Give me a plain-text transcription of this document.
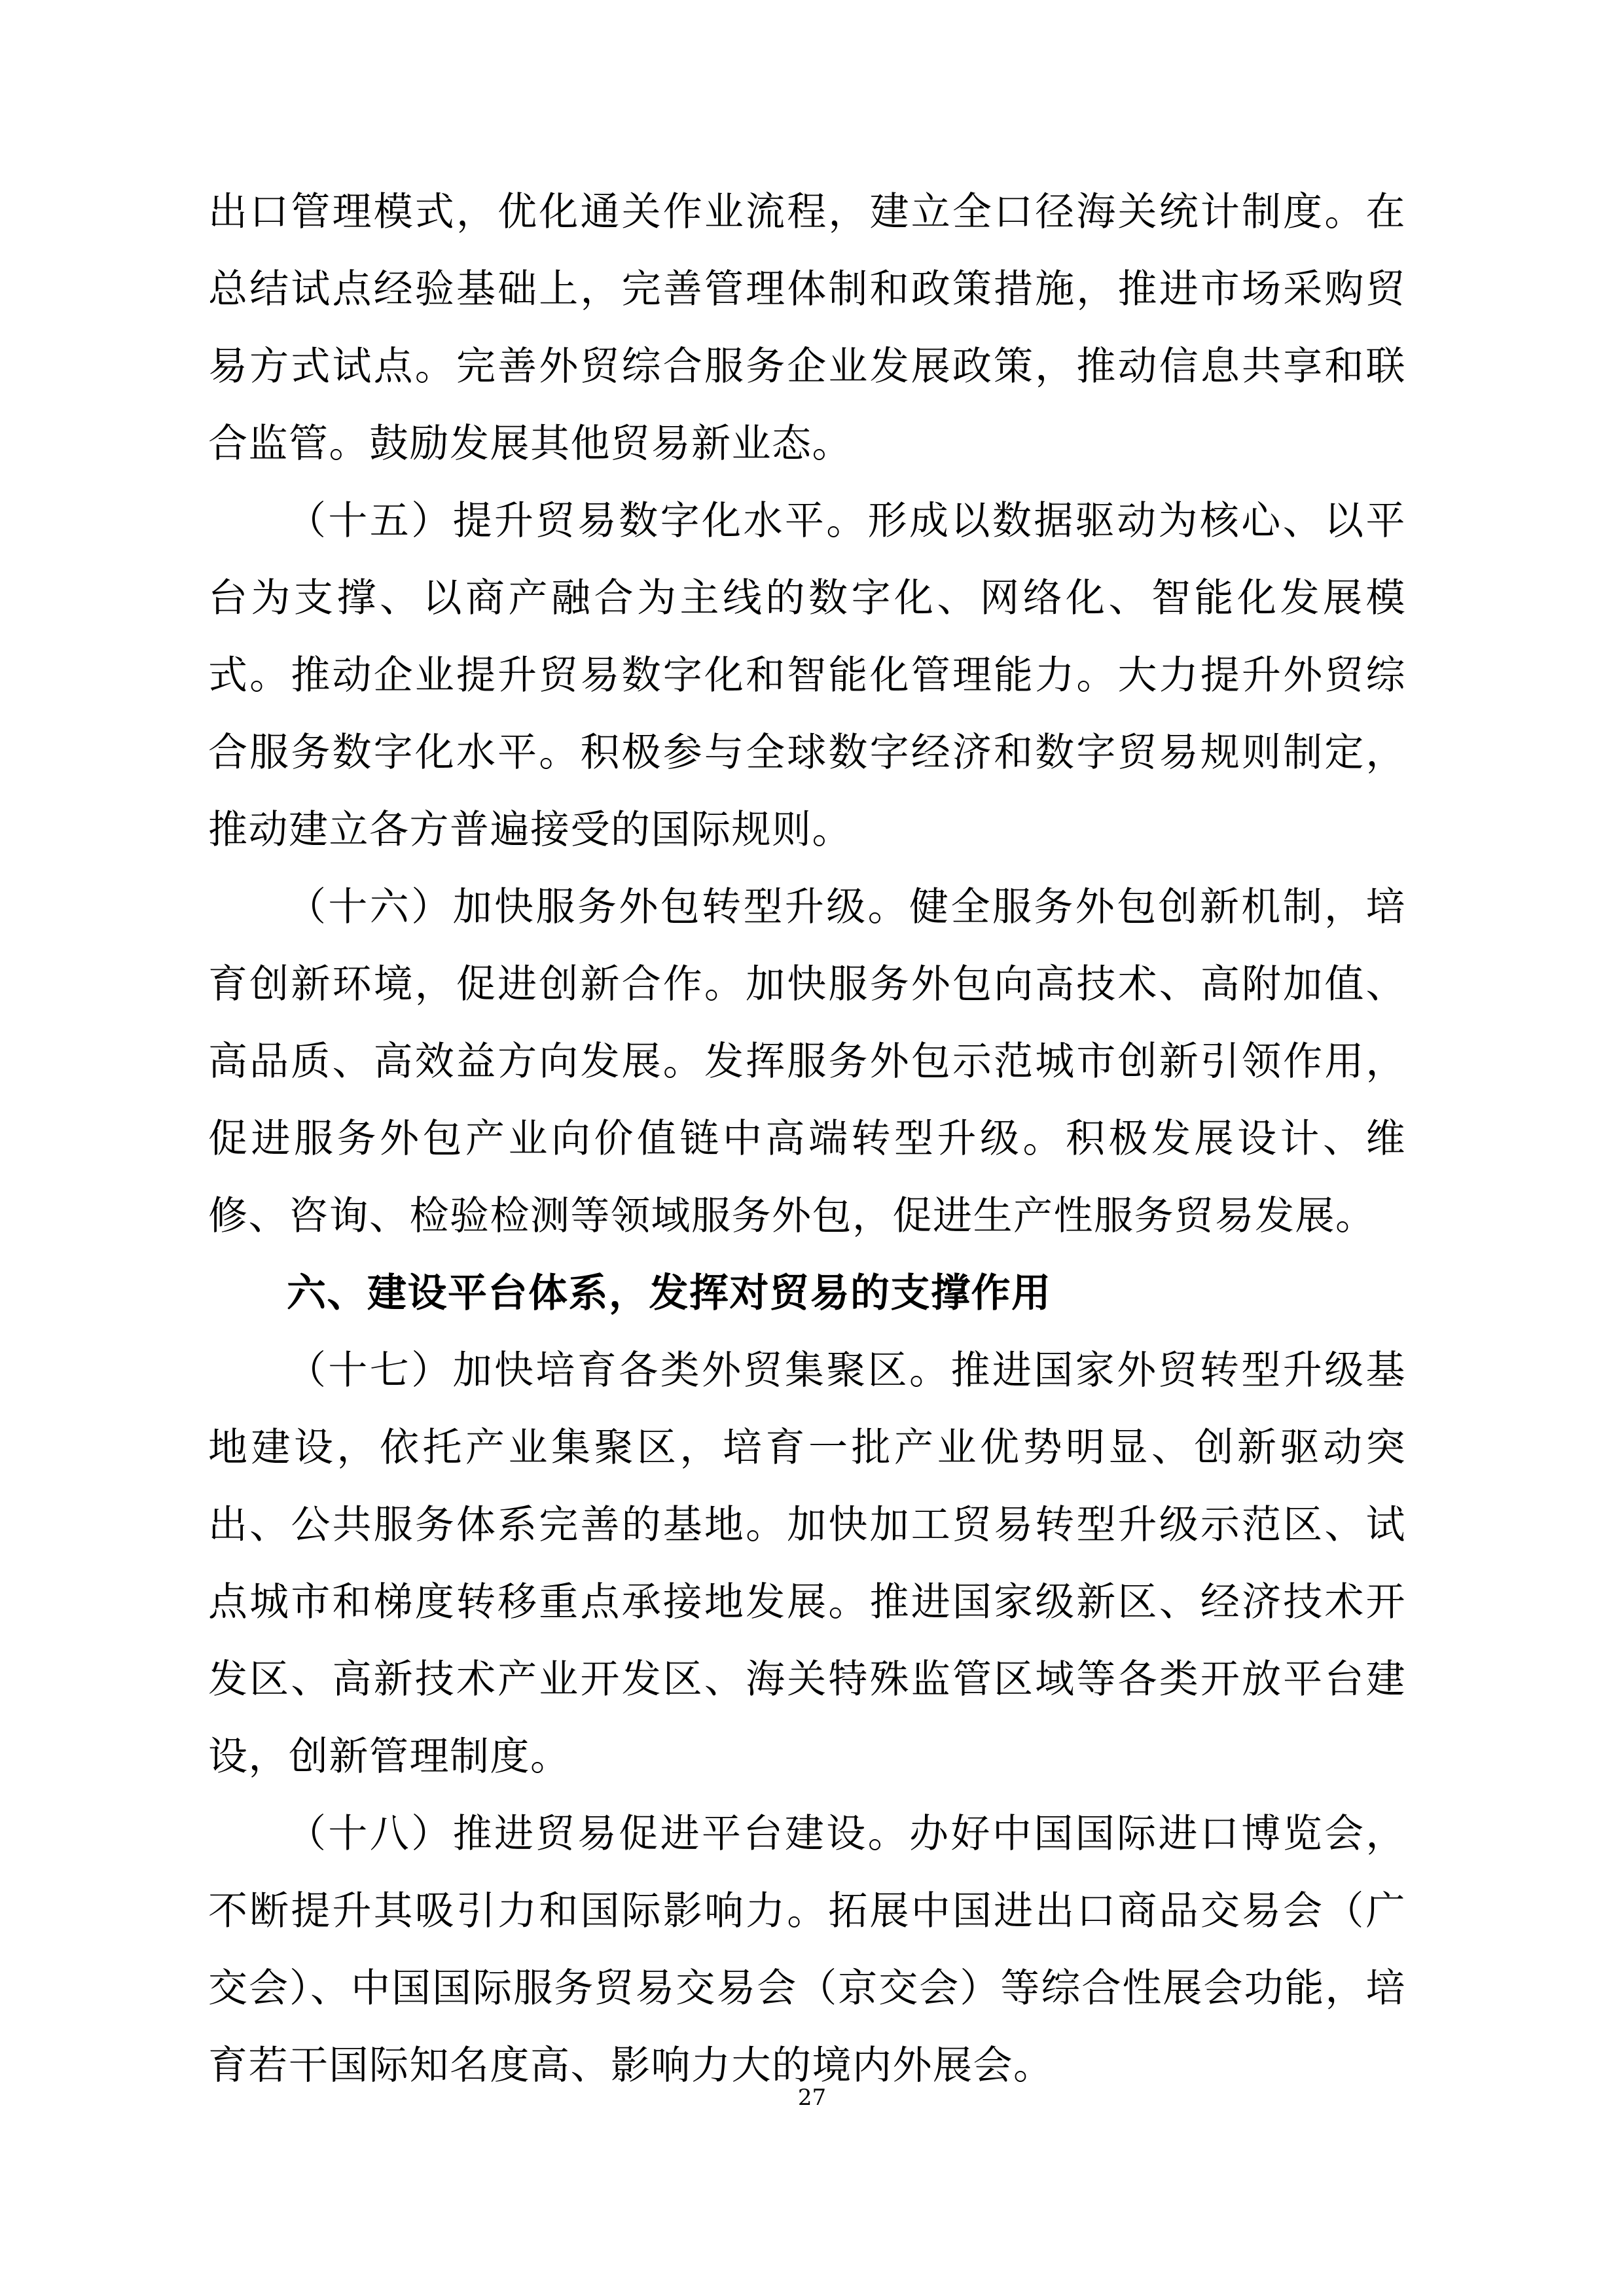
出口管理模式，优化通关作业流程，建立全口径海关统计制度。在总结试点经验基础上，完善管理体制和政策措施，推进市场采购贸易方式试点。完善外贸综合服务企业发展政策，推动信息共享和联合监管。鼓励发展其他贸易新业态。

（十五）提升贸易数字化水平。形成以数据驱动为核心、以平台为支撑、以商产融合为主线的数字化、网络化、智能化发展模式。推动企业提升贸易数字化和智能化管理能力。大力提升外贸综合服务数字化水平。积极参与全球数字经济和数字贸易规则制定，推动建立各方普遍接受的国际规则。

（十六）加快服务外包转型升级。健全服务外包创新机制，培育创新环境，促进创新合作。加快服务外包向高技术、高附加值、高品质、高效益方向发展。发挥服务外包示范城市创新引领作用，促进服务外包产业向价值链中高端转型升级。积极发展设计、维修、咨询、检验检测等领域服务外包，促进生产性服务贸易发展。

六、建设平台体系，发挥对贸易的支撑作用

（十七）加快培育各类外贸集聚区。推进国家外贸转型升级基地建设，依托产业集聚区，培育一批产业优势明显、创新驱动突出、公共服务体系完善的基地。加快加工贸易转型升级示范区、试点城市和梯度转移重点承接地发展。推进国家级新区、经济技术开发区、高新技术产业开发区、海关特殊监管区域等各类开放平台建设，创新管理制度。

（十八）推进贸易促进平台建设。办好中国国际进口博览会，不断提升其吸引力和国际影响力。拓展中国进出口商品交易会（广交会）、中国国际服务贸易交易会（京交会）等综合性展会功能，培育若干国际知名度高、影响力大的境内外展会。

27
